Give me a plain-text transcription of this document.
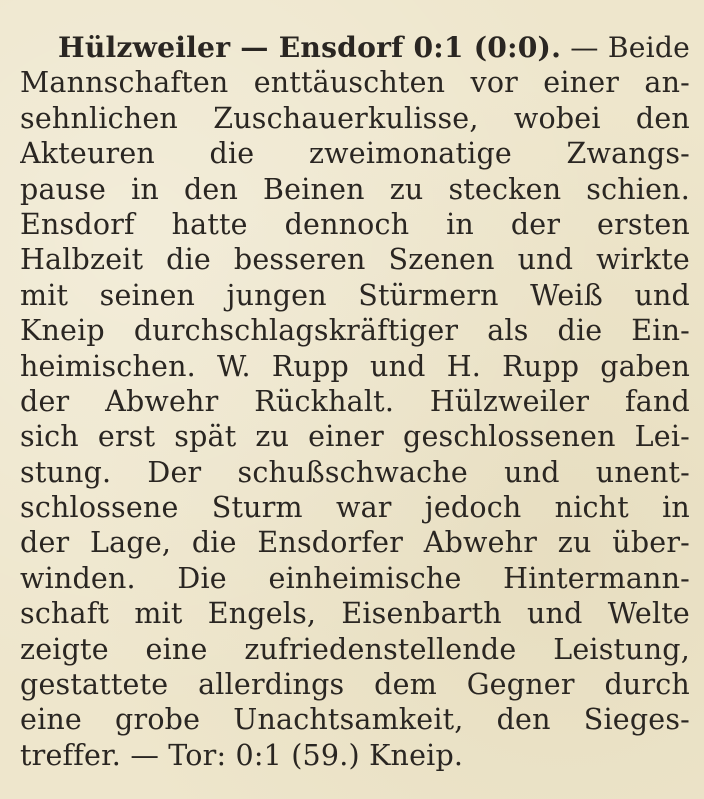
Hülzweiler — Ensdorf 0:1 (0:0). — Beide
Mannschaften enttäuschten vor einer an-
sehnlichen Zuschauerkulisse, wobei den
Akteuren die zweimonatige Zwangs-
pause in den Beinen zu stecken schien.
Ensdorf hatte dennoch in der ersten
Halbzeit die besseren Szenen und wirkte
mit seinen jungen Stürmern Weiß und
Kneip durchschlagskräftiger als die Ein-
heimischen. W. Rupp und H. Rupp gaben
der Abwehr Rückhalt. Hülzweiler fand
sich erst spät zu einer geschlossenen Lei-
stung. Der schußschwache und unent-
schlossene Sturm war jedoch nicht in
der Lage, die Ensdorfer Abwehr zu über-
winden. Die einheimische Hintermann-
schaft mit Engels, Eisenbarth und Welte
zeigte eine zufriedenstellende Leistung,
gestattete allerdings dem Gegner durch
eine grobe Unachtsamkeit, den Sieges-
treffer. — Tor: 0:1 (59.) Kneip.
